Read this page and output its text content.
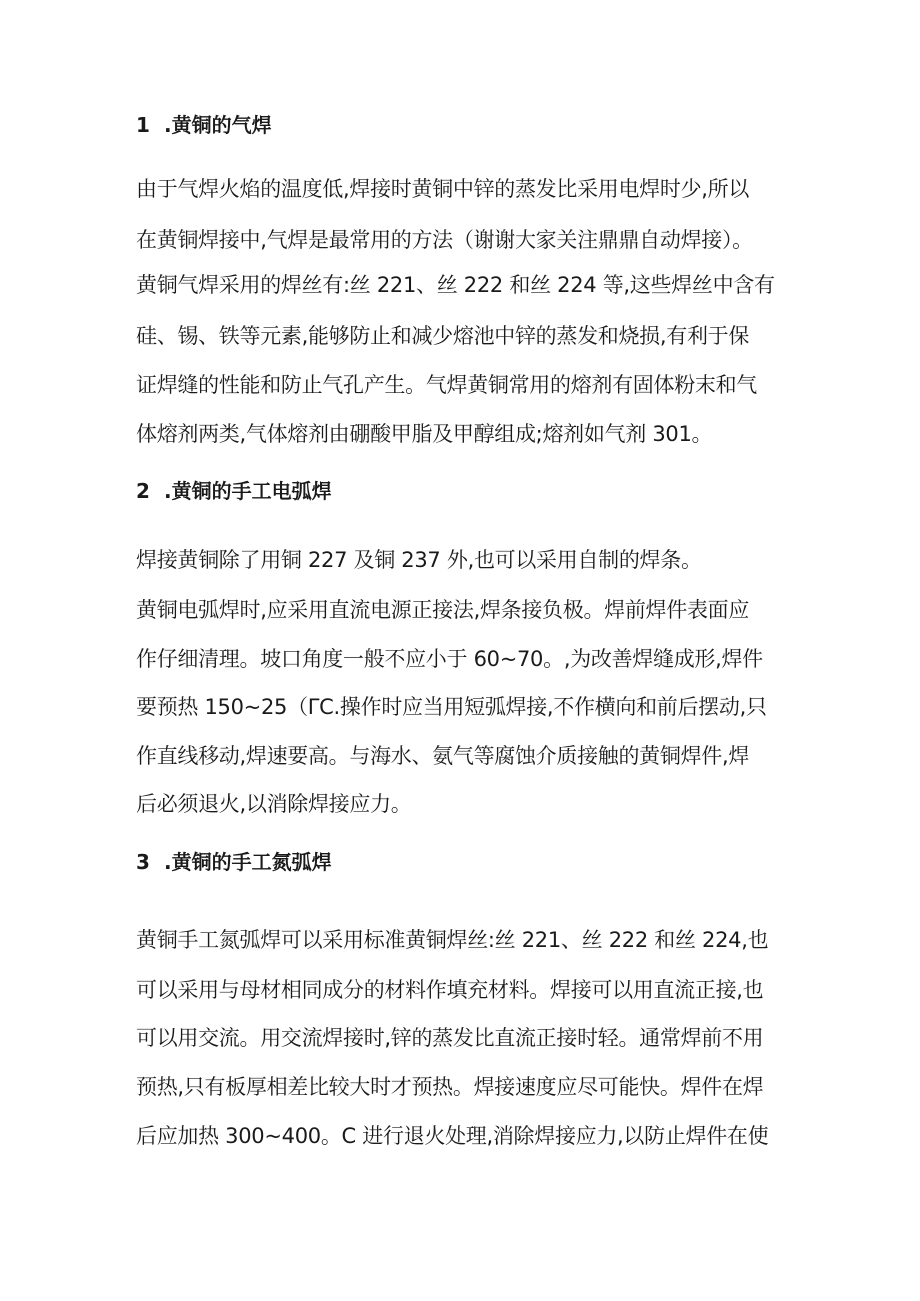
1 .黄铜的气焊
由于气焊火焰的温度低,焊接时黄铜中锌的蒸发比采用电焊时少,所以
在黄铜焊接中,气焊是最常用的方法（谢谢大家关注鼎鼎自动焊接）。
黄铜气焊采用的焊丝有:丝 221、丝 222 和丝 224 等,这些焊丝中含有
硅、锡、铁等元素,能够防止和减少熔池中锌的蒸发和烧损,有利于保
证焊缝的性能和防止气孔产生。气焊黄铜常用的熔剂有固体粉末和气
体熔剂两类,气体熔剂由硼酸甲脂及甲醇组成;熔剂如气剂 301。
2 .黄铜的手工电弧焊
焊接黄铜除了用铜 227 及铜 237 外,也可以采用自制的焊条。
黄铜电弧焊时,应采用直流电源正接法,焊条接负极。焊前焊件表面应
作仔细清理。坡口角度一般不应小于 60~70。,为改善焊缝成形,焊件
要预热 150~25（ΓC.操作时应当用短弧焊接,不作横向和前后摆动,只
作直线移动,焊速要高。与海水、氨气等腐蚀介质接触的黄铜焊件,焊
后必须退火,以消除焊接应力。
3 .黄铜的手工氮弧焊
黄铜手工氮弧焊可以采用标准黄铜焊丝:丝 221、丝 222 和丝 224,也
可以采用与母材相同成分的材料作填充材料。焊接可以用直流正接,也
可以用交流。用交流焊接时,锌的蒸发比直流正接时轻。通常焊前不用
预热,只有板厚相差比较大时才预热。焊接速度应尽可能快。焊件在焊
后应加热 300~400。C 进行退火处理,消除焊接应力,以防止焊件在使
